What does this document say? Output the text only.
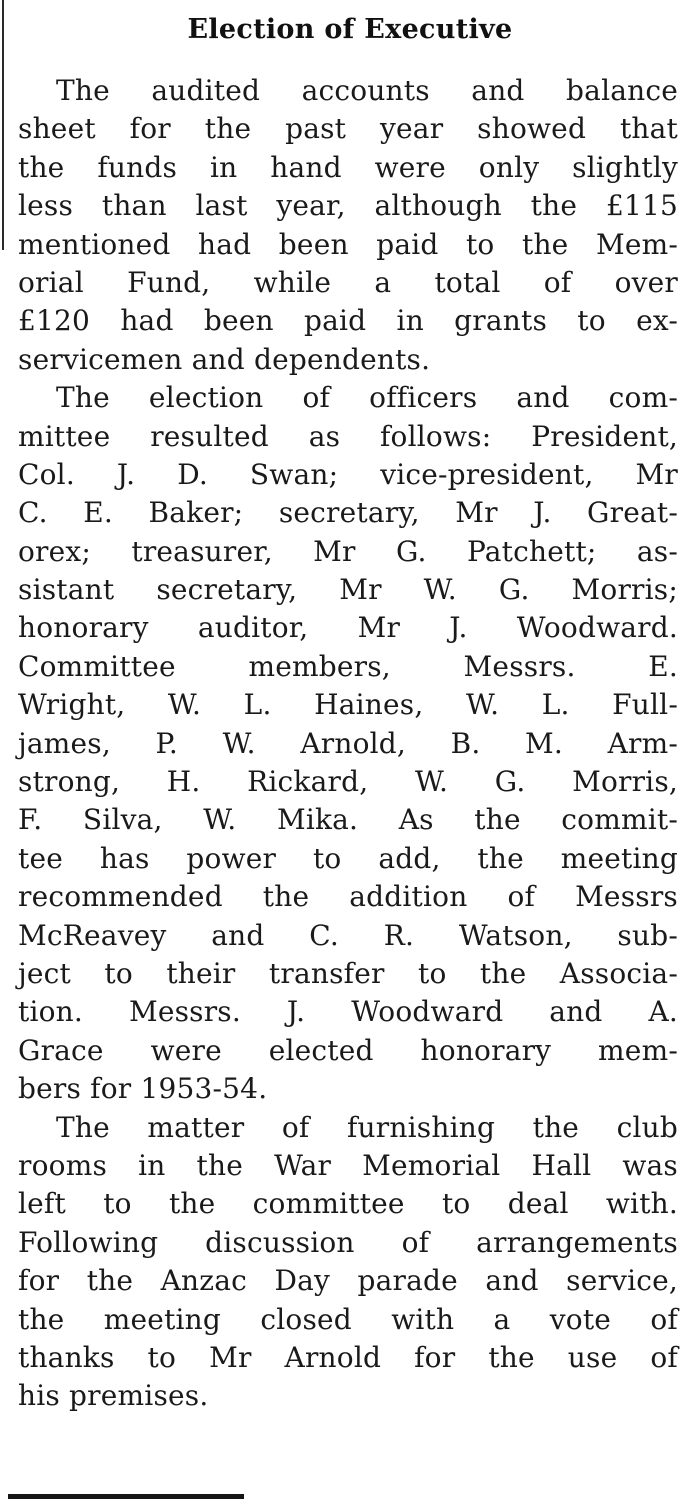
Election of Executive
The audited accounts and balance
sheet for the past year showed that
the funds in hand were only slightly
less than last year, although the £115
mentioned had been paid to the Mem-
orial Fund, while a total of over
£120 had been paid in grants to ex-
servicemen and dependents.
The election of officers and com-
mittee resulted as follows: President,
Col. J. D. Swan; vice-president, Mr
C. E. Baker; secretary, Mr J. Great-
orex; treasurer, Mr G. Patchett; as-
sistant secretary, Mr W. G. Morris;
honorary auditor, Mr J. Woodward.
Committee members, Messrs. E.
Wright, W. L. Haines, W. L. Full-
james, P. W. Arnold, B. M. Arm-
strong, H. Rickard, W. G. Morris,
F. Silva, W. Mika. As the commit-
tee has power to add, the meeting
recommended the addition of Messrs
McReavey and C. R. Watson, sub-
ject to their transfer to the Associa-
tion. Messrs. J. Woodward and A.
Grace were elected honorary mem-
bers for 1953-54.
The matter of furnishing the club
rooms in the War Memorial Hall was
left to the committee to deal with.
Following discussion of arrangements
for the Anzac Day parade and service,
the meeting closed with a vote of
thanks to Mr Arnold for the use of
his premises.
